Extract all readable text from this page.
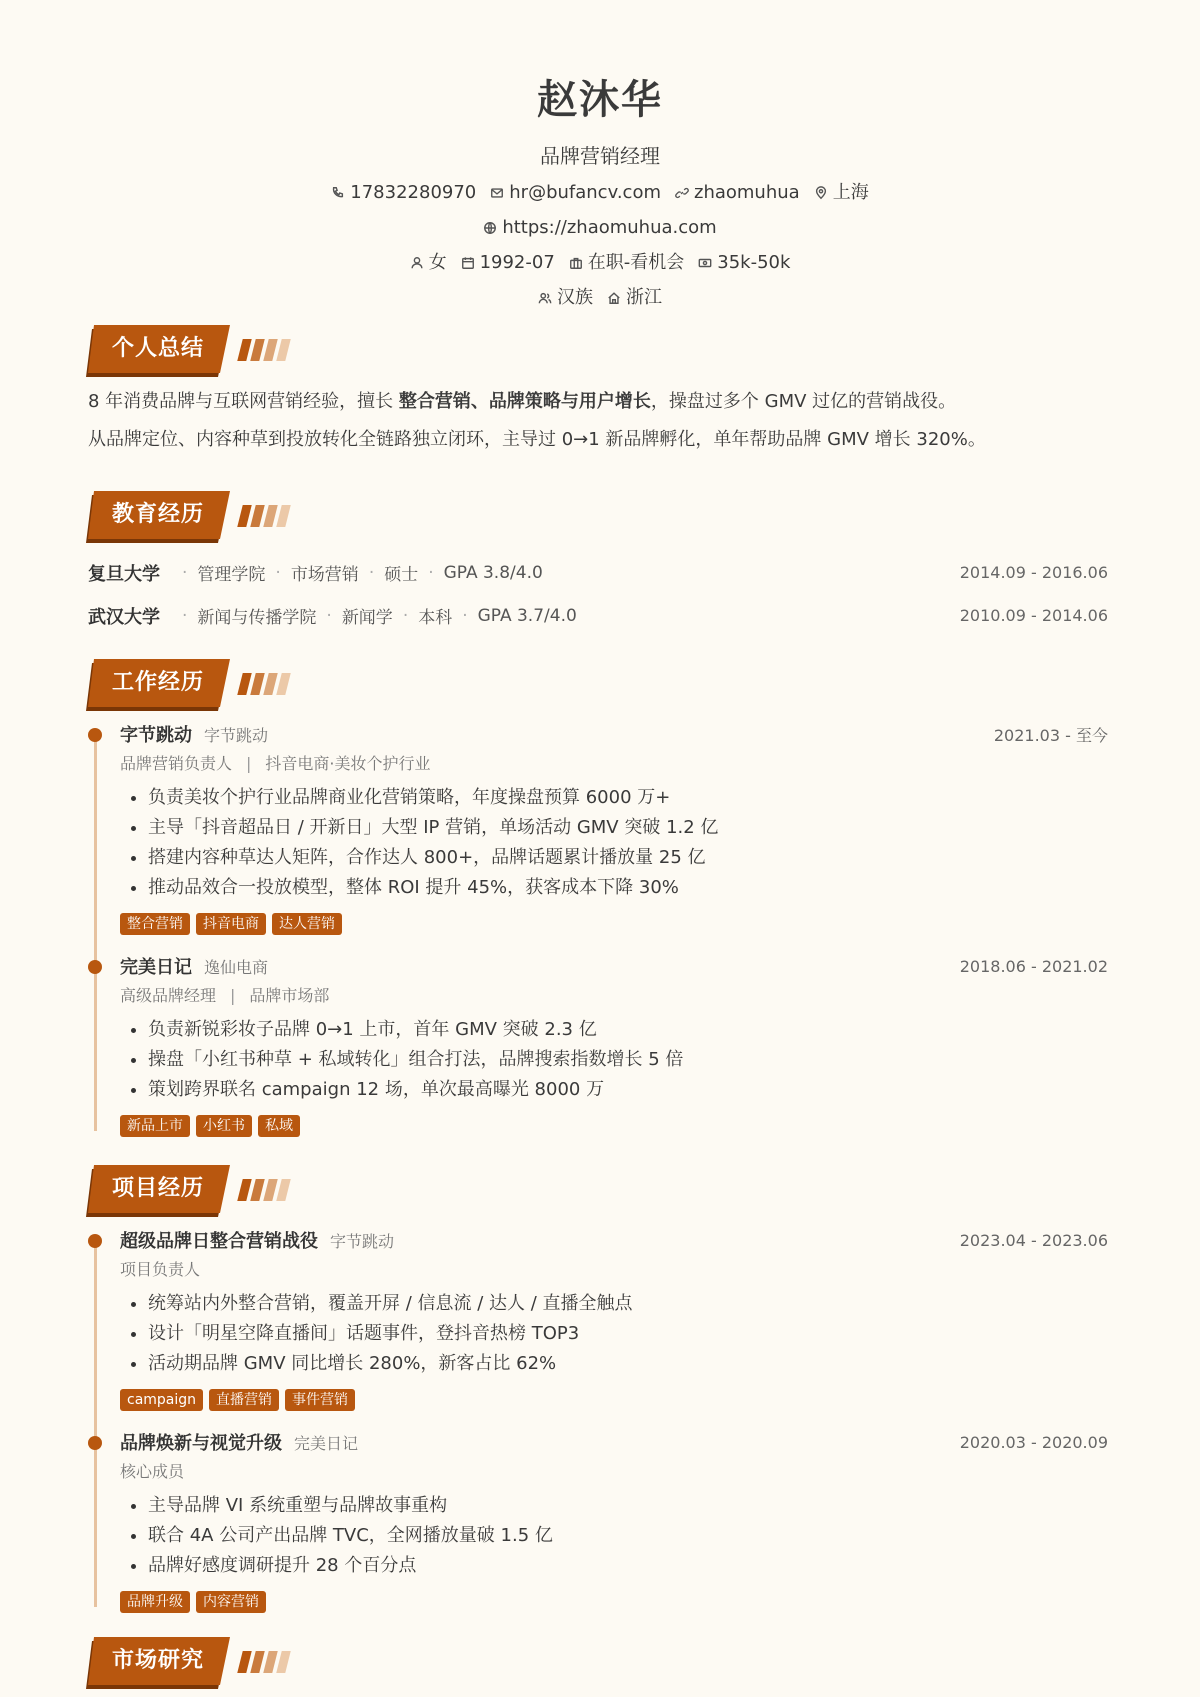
赵沐华
品牌营销经理
17832280970 hr@bufancv.com zhaomuhua 上海
https://zhaomuhua.com
女 1992-07 在职-看机会 35k-50k
汉族 浙江
个人总结

8 年消费品牌与互联网营销经验，擅长 整合营销、品牌策略与用户增长，操盘过多个 GMV 过亿的营销战役。

从品牌定位、内容种草到投放转化全链路独立闭环，主导过 0→1 新品牌孵化，单年帮助品牌 GMV 增长 320%。

教育经历
复旦大学 · 管理学院 · 市场营销 · 硕士 · GPA 3.8/4.0	2014.09 - 2016.06
武汉大学 · 新闻与传播学院 · 新闻学 · 本科 · GPA 3.7/4.0	2010.09 - 2014.06
工作经历
字节跳动 字节跳动	2021.03 - 至今
品牌营销负责人 | 抖音电商·美妆个护行业
• 负责美妆个护行业品牌商业化营销策略，年度操盘预算 6000 万+
• 主导「抖音超品日 / 开新日」大型 IP 营销，单场活动 GMV 突破 1.2 亿
• 搭建内容种草达人矩阵，合作达人 800+，品牌话题累计播放量 25 亿
• 推动品效合一投放模型，整体 ROI 提升 45%，获客成本下降 30%
整合营销	抖音电商	达人营销
完美日记 逸仙电商	2018.06 - 2021.02
高级品牌经理 | 品牌市场部
• 负责新锐彩妆子品牌 0→1 上市，首年 GMV 突破 2.3 亿
• 操盘「小红书种草 + 私域转化」组合打法，品牌搜索指数增长 5 倍
• 策划跨界联名 campaign 12 场，单次最高曝光 8000 万
新品上市	小红书	私域
项目经历
超级品牌日整合营销战役 字节跳动	2023.04 - 2023.06
项目负责人
• 统筹站内外整合营销，覆盖开屏 / 信息流 / 达人 / 直播全触点
• 设计「明星空降直播间」话题事件，登抖音热榜 TOP3
• 活动期品牌 GMV 同比增长 280%，新客占比 62%
campaign	直播营销	事件营销
品牌焕新与视觉升级 完美日记	2020.03 - 2020.09
核心成员
• 主导品牌 VI 系统重塑与品牌故事重构
• 联合 4A 公司产出品牌 TVC，全网播放量破 1.5 亿
• 品牌好感度调研提升 28 个百分点
品牌升级	内容营销
市场研究
